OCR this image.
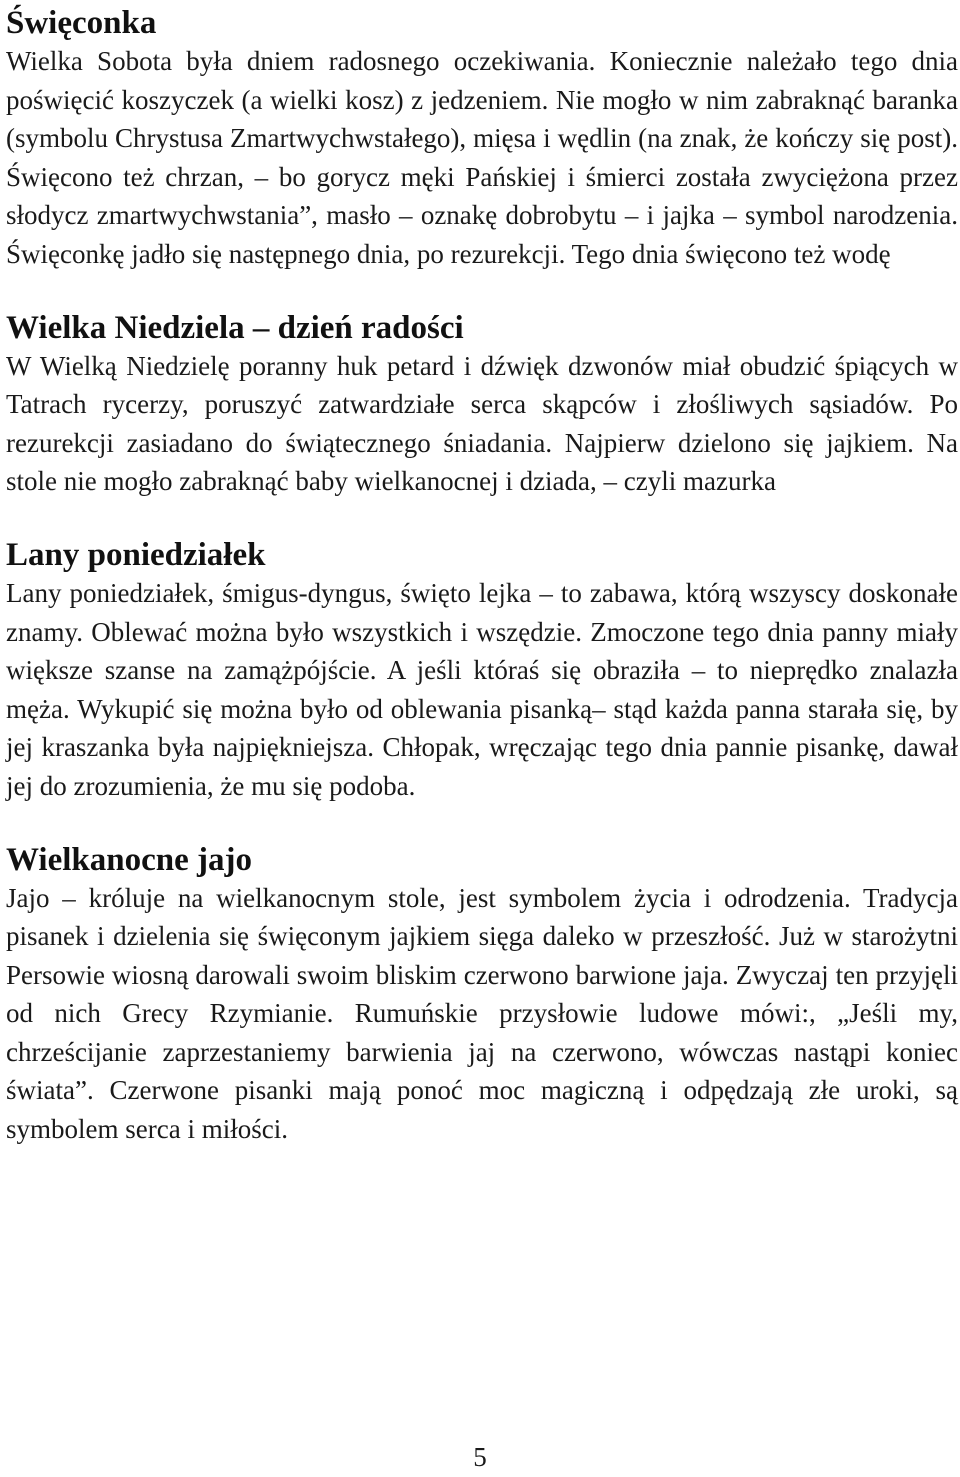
Święconka

Wielka Sobota była dniem radosnego oczekiwania. Koniecznie należało tego dnia poświęcić koszyczek (a wielki kosz) z jedzeniem. Nie mogło w nim zabraknąć baranka (symbolu Chrystusa Zmartwychwstałego), mięsa i wędlin (na znak, że kończy się post). Święcono też chrzan, – bo gorycz męki Pańskiej i śmierci została zwyciężona przez słodycz zmartwychwstania”, masło – oznakę dobrobytu – i jajka – symbol narodzenia. Święconkę jadło się następnego dnia, po rezurekcji. Tego dnia święcono też wodę

Wielka Niedziela – dzień radości

W Wielką Niedzielę poranny huk petard i dźwięk dzwonów miał obudzić śpiących w Tatrach rycerzy, poruszyć zatwardziałe serca skąpców i złośliwych sąsiadów. Po rezurekcji zasiadano do świątecznego śniadania. Najpierw dzielono się jajkiem. Na stole nie mogło zabraknąć baby wielkanocnej i dziada, – czyli mazurka

Lany poniedziałek

Lany poniedziałek, śmigus-dyngus, święto lejka – to zabawa, którą wszyscy doskonałe znamy. Oblewać można było wszystkich i wszędzie. Zmoczone tego dnia panny miały większe szanse na zamążpójście. A jeśli któraś się obraziła – to nieprędko znalazła męża. Wykupić się można było od oblewania pisanką– stąd każda panna starała się, by jej kraszanka była najpiękniejsza. Chłopak, wręczając tego dnia pannie pisankę, dawał jej do zrozumienia, że mu się podoba.

Wielkanocne jajo

Jajo – króluje na wielkanocnym stole, jest symbolem życia i odrodzenia. Tradycja pisanek i dzielenia się święconym jajkiem sięga daleko w przeszłość. Już w starożytni Persowie wiosną darowali swoim bliskim czerwono barwione jaja. Zwyczaj ten przyjęli od nich Grecy Rzymianie. Rumuńskie przysłowie ludowe mówi:, „Jeśli my, chrześcijanie zaprzestaniemy barwienia jaj na czerwono, wówczas nastąpi koniec świata”. Czerwone pisanki mają ponoć moc magiczną i odpędzają złe uroki, są symbolem serca i miłości.

5
